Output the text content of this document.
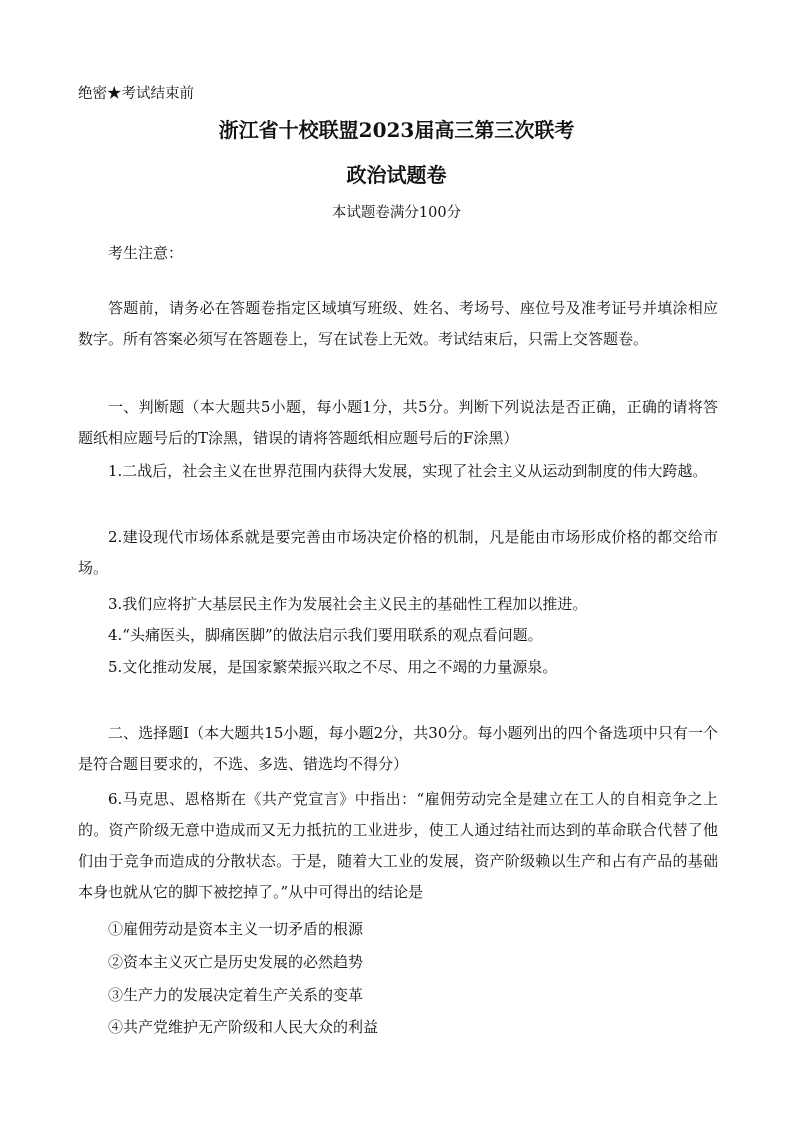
绝密★考试结束前
浙江省十校联盟2023届高三第三次联考
政治试题卷
本试题卷满分100分
考生注意：
答题前，请务必在答题卷指定区域填写班级、姓名、考场号、座位号及准考证号并填涂相应数字。所有答案必须写在答题卷上，写在试卷上无效。考试结束后，只需上交答题卷。
一、判断题（本大题共5小题，每小题1分，共5分。判断下列说法是否正确，正确的请将答题纸相应题号后的T涂黑，错误的请将答题纸相应题号后的F涂黑）
1.二战后，社会主义在世界范围内获得大发展，实现了社会主义从运动到制度的伟大跨越。
2.建设现代市场体系就是要完善由市场决定价格的机制，凡是能由市场形成价格的都交给市场。
3.我们应将扩大基层民主作为发展社会主义民主的基础性工程加以推进。
4.“头痛医头，脚痛医脚”的做法启示我们要用联系的观点看问题。
5.文化推动发展，是国家繁荣振兴取之不尽、用之不竭的力量源泉。
二、选择题Ⅰ（本大题共15小题，每小题2分，共30分。每小题列出的四个备选项中只有一个是符合题目要求的，不选、多选、错选均不得分）
6.马克思、恩格斯在《共产党宣言》中指出：“雇佣劳动完全是建立在工人的自相竞争之上的。资产阶级无意中造成而又无力抵抗的工业进步，使工人通过结社而达到的革命联合代替了他们由于竞争而造成的分散状态。于是，随着大工业的发展，资产阶级赖以生产和占有产品的基础本身也就从它的脚下被挖掉了。”从中可得出的结论是
①雇佣劳动是资本主义一切矛盾的根源
②资本主义灭亡是历史发展的必然趋势
③生产力的发展决定着生产关系的变革
④共产党维护无产阶级和人民大众的利益
